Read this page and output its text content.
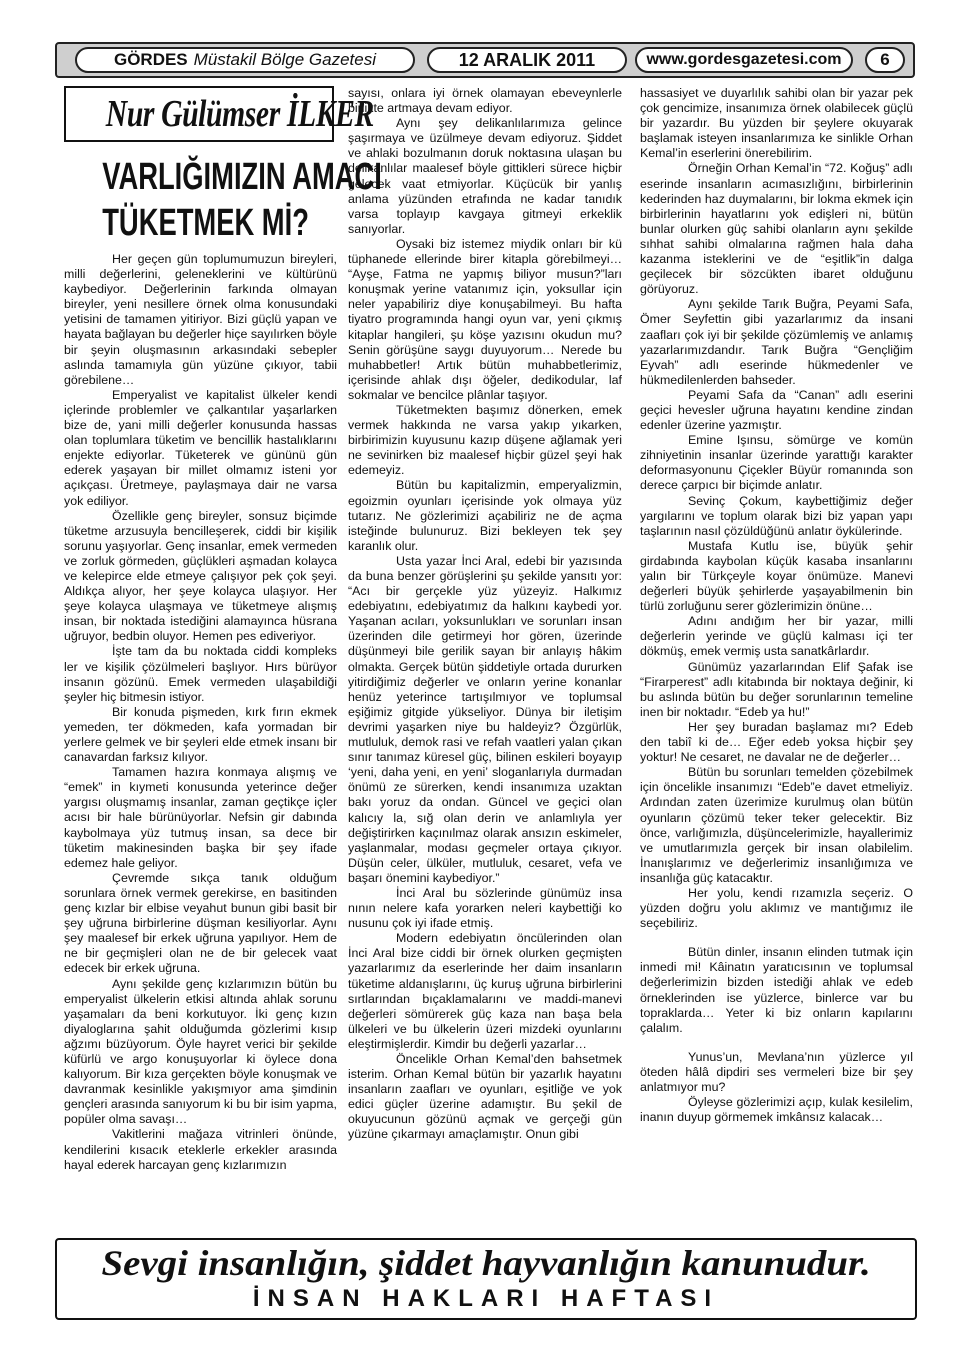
GÖRDES Müstakil Bölge Gazetesi	12 ARALIK 2011	www.gordesgazetesi.com	6
Nur Gülümser İLKER
VARLIĞIMIZIN AMACI
TÜKETMEK Mİ?

Her geçen gün toplumumuzun bireyleri, milli değerlerini, geleneklerini ve kültürünü kaybediyor. Değerlerinin farkında olmayan bireyler, yeni nesillere örnek olma konusundaki yetisini de tamamen yitiriyor. Bizi güçlü yapan ve hayata bağlayan bu değerler hiçe sayılırken böyle bir şeyin oluşmasının arkasındaki sebepler aslında tamamıyla gün yüzüne çıkıyor, tabii görebilene…

Emperyalist ve kapitalist ülkeler kendi içlerinde problemler ve çalkantılar yaşarlarken bize de, yani milli değerler konusunda hassas olan toplumlara tüketim ve bencillik hastalıklarını enjekte ediyorlar. Tüketerek ve gününü gün ederek yaşayan bir millet olmamız isteni yor açıkçası. Üretmeye, paylaşmaya dair ne varsa yok ediliyor.

Özellikle genç bireyler, sonsuz biçimde tüketme arzusuyla bencilleşerek, ciddi bir kişilik sorunu yaşıyorlar. Genç insanlar, emek vermeden ve zorluk görmeden, güçlükleri aşmadan kolayca ve kelepirce elde etmeye çalışıyor pek çok şeyi. Aldıkça alıyor, her şeye kolayca ulaşıyor. Her şeye kolayca ulaşmaya ve tüketmeye alışmış insan, bir noktada istediğini alamayınca hüsrana uğruyor, bedbin oluyor. Hemen pes ediveriyor.

İşte tam da bu noktada ciddi kompleks ler ve kişilik çözülmeleri başlıyor. Hırs bürüyor insanın gözünü. Emek vermeden ulaşabildiği şeyler hiç bitmesin istiyor.

Bir konuda pişmeden, kırk fırın ekmek yemeden, ter dökmeden, kafa yormadan bir yerlere gelmek ve bir şeyleri elde etmek insanı bir canavardan farksız kılıyor.

Tamamen hazıra konmaya alışmış ve “emek” in kıymeti konusunda yeterince değer yargısı oluşmamış insanlar, zaman geçtikçe içler acısı bir hale bürünüyorlar. Nefsin gir dabında kaybolmaya yüz tutmuş insan, sa dece bir tüketim makinesinden başka bir şey ifade edemez hale geliyor.

Çevremde sıkça tanık olduğum sorunlara örnek vermek gerekirse, en basitinden genç kızlar bir elbise veyahut bunun gibi basit bir şey uğruna birbirlerine düşman kesiliyorlar. Aynı şey maalesef bir erkek uğruna yapılıyor. Hem de ne bir geçmişleri olan ne de bir gelecek vaat edecek bir erkek uğruna.

Aynı şekilde genç kızlarımızın bütün bu emperyalist ülkelerin etkisi altında ahlak sorunu yaşamaları da beni korkutuyor. İki genç kızın diyaloglarına şahit olduğumda gözlerimi kısıp ağzımı büzüyorum. Öyle hayret verici bir şekilde küfürlü ve argo konuşuyorlar ki öylece dona kalıyorum. Bir kıza gerçekten böyle konuşmak ve davranmak kesinlikle yakışmıyor ama şimdinin gençleri arasında sanıyorum ki bu bir isim yapma, popüler olma savaşı…

Vakitlerini mağaza vitrinleri önünde, kendilerini kısacık eteklerle erkekler arasında hayal ederek harcayan genç kızlarımızın

sayısı, onlara iyi örnek olamayan ebeveynlerle birlikte artmaya devam ediyor.

Aynı şey delikanlılarımıza gelince şaşırmaya ve üzülmeye devam ediyoruz. Şiddet ve ahlaki bozulmanın doruk noktasına ulaşan bu delikanlılar maalesef böyle gittikleri sürece hiçbir gelecek vaat etmiyorlar. Küçücük bir yanlış anlama yüzünden etrafında ne kadar tanıdık varsa toplayıp kavgaya gitmeyi erkeklik sanıyorlar.

Oysaki biz istemez miydik onları bir kü tüphanede ellerinde birer kitapla görebilmeyi… “Ayşe, Fatma ne yapmış biliyor musun?”ları konuşmak yerine vatanımız için, yoksullar için neler yapabiliriz diye konuşabilmeyi. Bu hafta tiyatro programında hangi oyun var, yeni çıkmış kitaplar hangileri, şu köşe yazısını okudun mu? Senin görüşüne saygı duyuyorum… Nerede bu muhabbetler! Artık bütün muhabbetlerimiz, içerisinde ahlak dışı öğeler, dedikodular, laf sokmalar ve bencilce plânlar taşıyor.

Tüketmekten başımız dönerken, emek vermek hakkında ne varsa yakıp yıkarken, birbirimizin kuyusunu kazıp düşene ağlamak yeri ne sevinirken biz maalesef hiçbir güzel şeyi hak edemeyiz.

Bütün bu kapitalizmin, emperyalizmin, egoizmin oyunları içerisinde yok olmaya yüz tutarız. Ne gözlerimizi açabiliriz ne de açma isteğinde bulunuruz. Bizi bekleyen tek şey karanlık olur.

Usta yazar İnci Aral, edebi bir yazısında da buna benzer görüşlerini şu şekilde yansıtı yor: “Acı bir gerçekle yüz yüzeyiz. Halkımız edebiyatını, edebiyatımız da halkını kaybedi yor. Yaşanan acıları, yoksunlukları ve sorunları insan üzerinden dile getirmeyi hor gören, üzerinde düşünmeyi bile gerilik sayan bir anlayış hâkim olmakta. Gerçek bütün şiddetiyle ortada dururken yitirdiğimiz değerler ve onların yerine konanlar henüz yeterince tartışılmıyor ve toplumsal eşiğimiz gitgide yükseliyor. Dünya bir iletişim devrimi yaşarken niye bu haldeyiz? Özgürlük, mutluluk, demok rasi ve refah vaatleri yalan çıkan sınır tanımaz küresel güç, bilinen eskileri boyayıp ‘yeni, daha yeni, en yeni’ sloganlarıyla durmadan önümü ze sürerken, kendi insanımıza uzaktan bakı yoruz da ondan. Güncel ve geçici olan kalıcıy la, sığ olan derin ve anlamlıyla yer değiştirirken kaçınılmaz olarak ansızın eskimeler, yaşlanmalar, modası geçmeler ortaya çıkıyor. Düşün celer, ülküler, mutluluk, cesaret, vefa ve başarı önemini kaybediyor.”

İnci Aral bu sözlerinde günümüz insa nının nelere kafa yorarken neleri kaybettiği ko nusunu çok iyi ifade etmiş.

Modern edebiyatın öncülerinden olan İnci Aral bize ciddi bir örnek olurken geçmişten yazarlarımız da eserlerinde her daim insanların tüketime aldanışlarını, üç kuruş uğruna birbirlerini sırtlarından bıçaklamalarını ve maddi-manevi değerleri sömürerek güç kaza nan başa bela ülkeleri ve bu ülkelerin üzeri mizdeki oyunlarını eleştirmişlerdir. Kimdir bu değerli yazarlar…

Öncelikle Orhan Kemal’den bahsetmek isterim. Orhan Kemal bütün bir yazarlık hayatını insanların zaafları ve oyunları, eşitliğe ve yok edici güçler üzerine adamıştır. Bu şekil de okuyucunun gözünü açmak ve gerçeği gün yüzüne çıkarmayı amaçlamıştır. Onun gibi

hassasiyet ve duyarlılık sahibi olan bir yazar pek çok gencimize, insanımıza örnek olabilecek güçlü bir yazardır. Bu yüzden bir şeylere okuyarak başlamak isteyen insanlarımıza ke sinlikle Orhan Kemal’in eserlerini önerebilirim.

Örneğin Orhan Kemal’in “72. Koğuş” adlı eserinde insanların acımasızlığını, birbirlerinin kederinden haz duymalarını, bir lokma ekmek için birbirlerinin hayatlarını yok edişleri ni, bütün bunlar olurken güç sahibi olanların aynı şekilde sıhhat sahibi olmalarına rağmen hala daha kazanma isteklerini ve de “eşitlik”in dalga geçilecek bir sözcükten ibaret olduğunu görüyoruz.

Aynı şekilde Tarık Buğra, Peyami Safa, Ömer Seyfettin gibi yazarlarımız da insani zaafları çok iyi bir şekilde çözümlemiş ve anlamış yazarlarımızdandır. Tarık Buğra “Gençliğim Eyvah” adlı eserinde hükmedenler ve hükmedilenlerden bahseder.

Peyami Safa da “Canan” adlı eserini geçici hevesler uğruna hayatını kendine zindan edenler üzerine yazmıştır.

Emine Işınsu, sömürge ve komün zihniyetinin insanlar üzerinde yarattığı karakter deformasyonunu Çiçekler Büyür romanında son derece çarpıcı bir biçimde anlatır.

Sevinç Çokum, kaybettiğimiz değer yargılarını ve toplum olarak bizi biz yapan yapı taşlarının nasıl çözüldüğünü anlatır öykülerinde.

Mustafa Kutlu ise, büyük şehir girdabında kaybolan küçük kasaba insanlarını yalın bir Türkçeyle koyar önümüze. Manevi değerleri büyük şehirlerde yaşayabilmenin bin türlü zorluğunu serer gözlerimizin önüne…

Adını andığım her bir yazar, milli değerlerin yerinde ve güçlü kalması içi ter dökmüş, emek vermiş usta sanatkârlardır.

Günümüz yazarlarından Elif Şafak ise “Firarperest” adlı kitabında bir noktaya değinir, ki bu aslında bütün bu değer sorunlarının temeline inen bir noktadır. “Edeb ya hu!”

Her şey buradan başlamaz mı? Edeb den tabiî ki de… Eğer edeb yoksa hiçbir şey yoktur! Ne cesaret, ne davalar ne de değerler…

Bütün bu sorunları temelden çözebilmek için öncelikle insanımızı “Edeb”e davet etmeliyiz. Ardından zaten üzerimize kurulmuş olan bütün oyunların çözümü teker teker gelecektir. Biz önce, varlığımızla, düşüncelerimizle, hayallerimiz ve umutlarımızla gerçek bir insan olabilelim. İnanışlarımız ve değerlerimiz insanlığımıza ve insanlığa güç katacaktır.

Her yolu, kendi rızamızla seçeriz. O yüzden doğru yolu aklımız ve mantığımız ile seçebiliriz.

Bütün dinler, insanın elinden tutmak için inmedi mi! Kâinatın yaratıcısının ve toplumsal değerlerimizin bizden istediği ahlak ve edeb örneklerinden ise yüzlerce, binlerce var bu topraklarda… Yeter ki biz onların kapılarını çalalım.

Yunus’un, Mevlana’nın yüzlerce yıl öteden hâlâ dipdiri ses vermeleri bize bir şey anlatmıyor mu?

Öyleyse gözlerimizi açıp, kulak kesilelim, inanın duyup görmemek imkânsız kalacak…

Sevgi insanlığın, şiddet hayvanlığın kanunudur.
İNSAN HAKLARI HAFTASI
